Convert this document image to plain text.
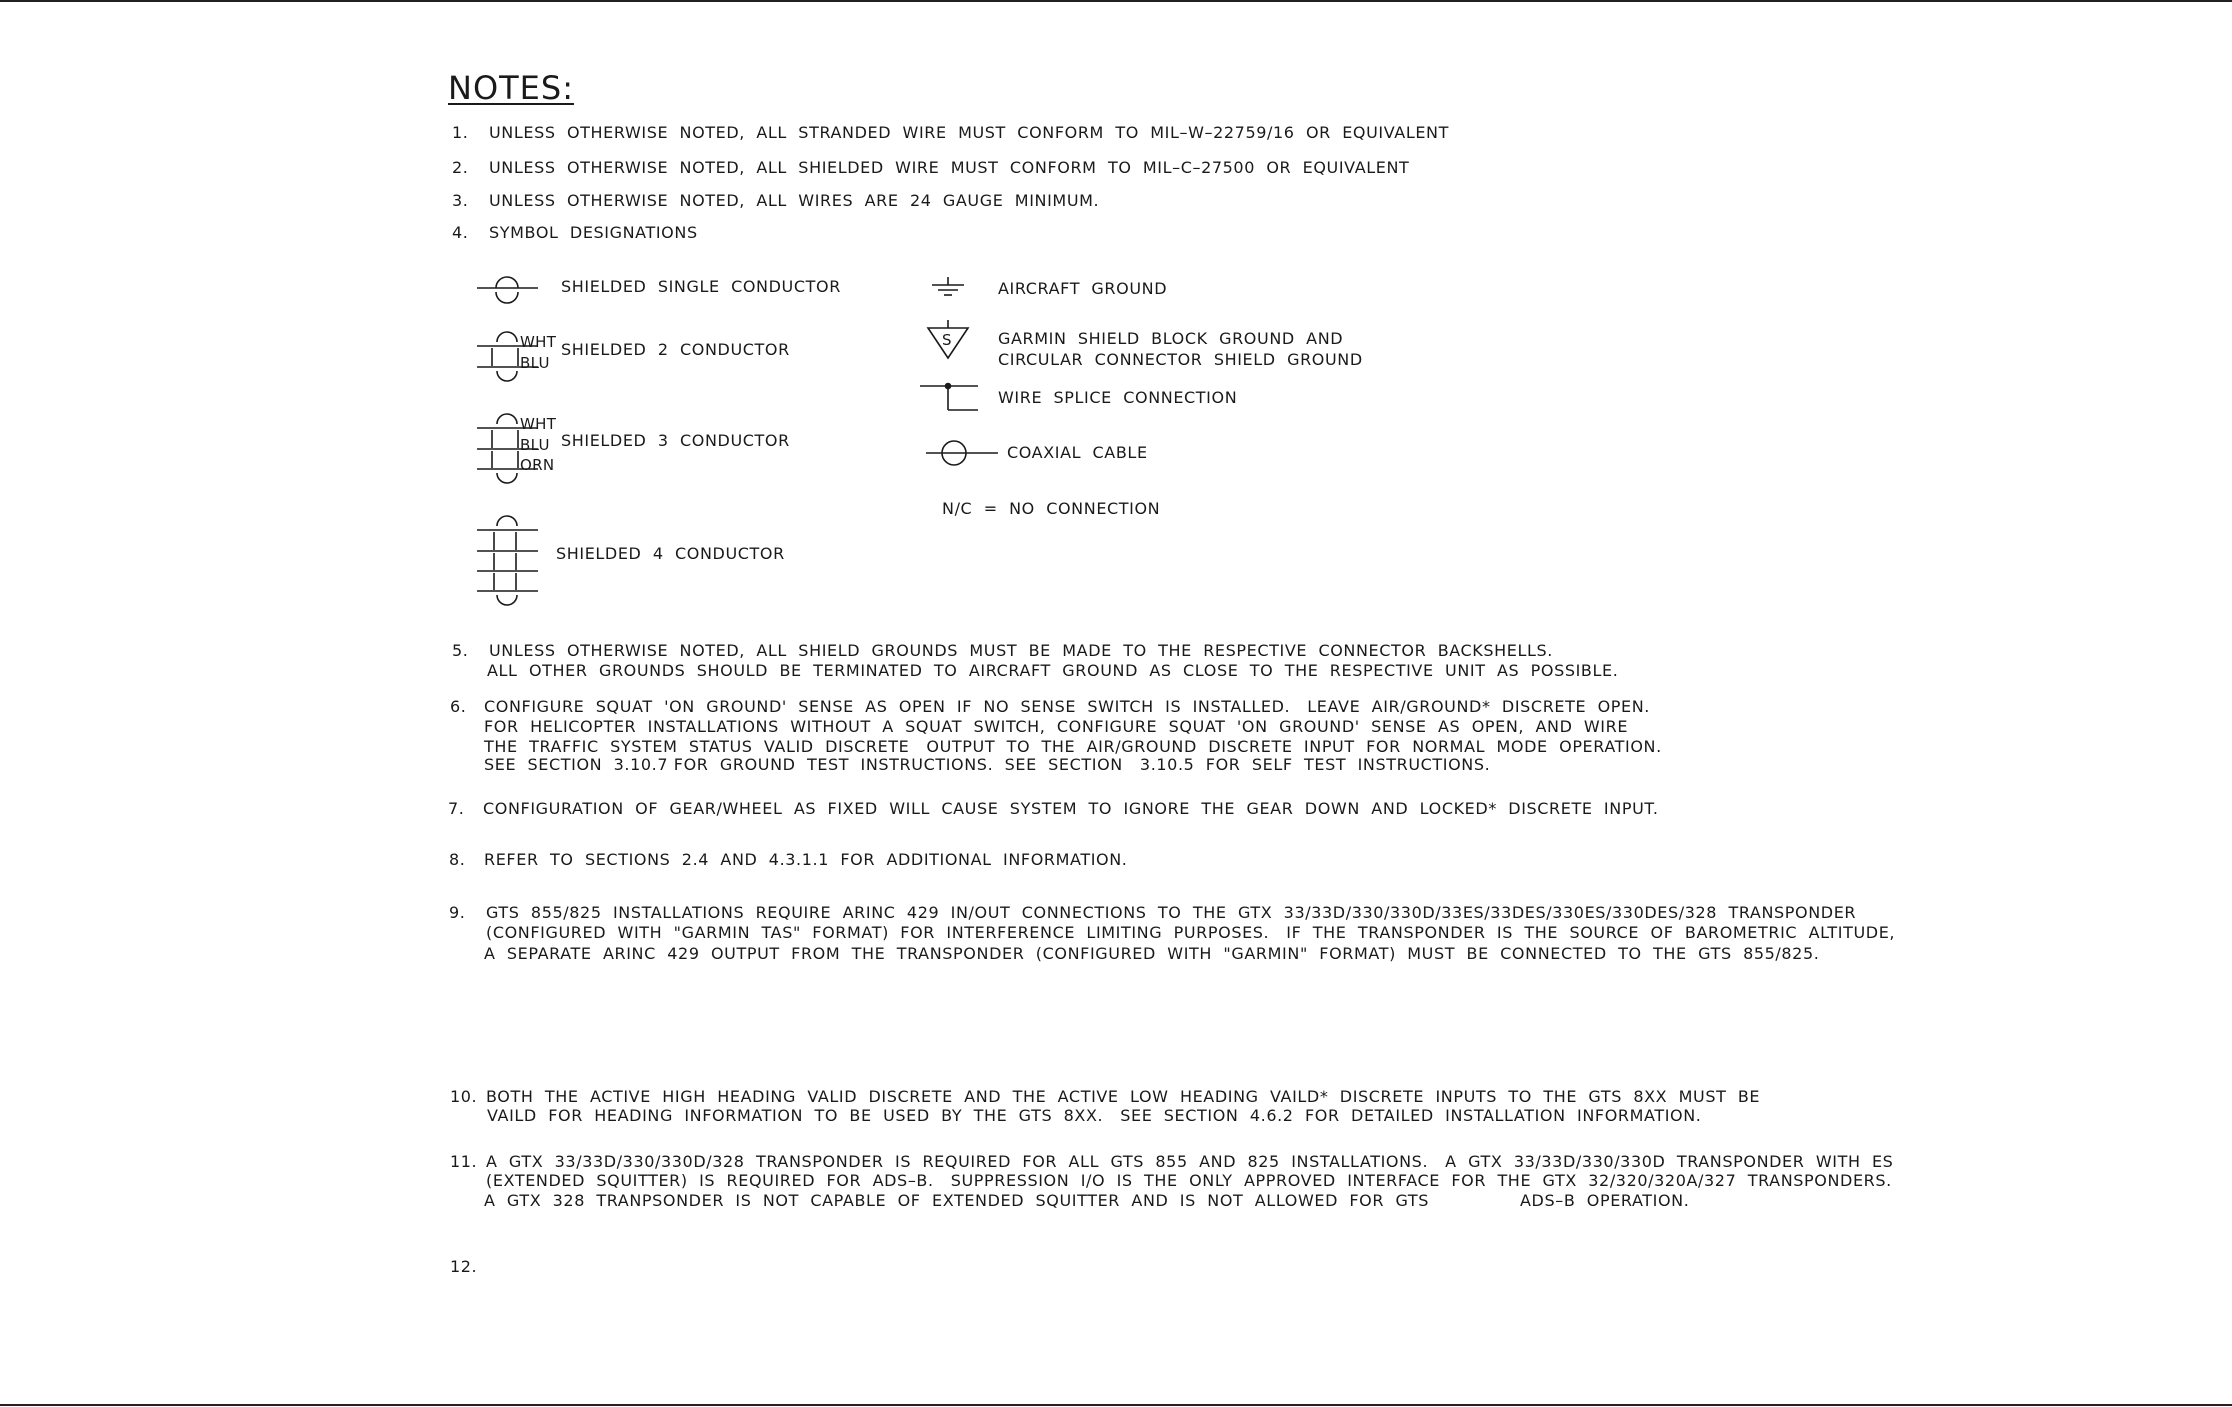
NOTES:
1. UNLESS  OTHERWISE  NOTED,  ALL  STRANDED  WIRE  MUST  CONFORM  TO  MIL–W–22759/16  OR  EQUIVALENT
2. UNLESS  OTHERWISE  NOTED,  ALL  SHIELDED  WIRE  MUST  CONFORM  TO  MIL–C–27500  OR  EQUIVALENT
3. UNLESS  OTHERWISE  NOTED,  ALL  WIRES  ARE  24  GAUGE  MINIMUM.
4. SYMBOL  DESIGNATIONS
SHIELDED  SINGLE  CONDUCTOR
WHT
BLU
SHIELDED  2  CONDUCTOR
WHT
BLU
ORN
SHIELDED  3  CONDUCTOR
SHIELDED  4  CONDUCTOR
AIRCRAFT  GROUND
S	GARMIN  SHIELD  BLOCK  GROUND  AND
CIRCULAR  CONNECTOR  SHIELD  GROUND
WIRE  SPLICE  CONNECTION
COAXIAL  CABLE
N/C  =  NO  CONNECTION
5. UNLESS  OTHERWISE  NOTED,  ALL  SHIELD  GROUNDS  MUST  BE  MADE  TO  THE  RESPECTIVE  CONNECTOR  BACKSHELLS.
ALL  OTHER  GROUNDS  SHOULD  BE  TERMINATED  TO  AIRCRAFT  GROUND  AS  CLOSE  TO  THE  RESPECTIVE  UNIT  AS  POSSIBLE.
6. CONFIGURE  SQUAT  'ON  GROUND'  SENSE  AS  OPEN  IF  NO  SENSE  SWITCH  IS  INSTALLED.   LEAVE  AIR/GROUND*  DISCRETE  OPEN.
FOR  HELICOPTER  INSTALLATIONS  WITHOUT  A  SQUAT  SWITCH,  CONFIGURE  SQUAT  'ON  GROUND'  SENSE  AS  OPEN,  AND  WIRE
THE  TRAFFIC  SYSTEM  STATUS  VALID  DISCRETE   OUTPUT  TO  THE  AIR/GROUND  DISCRETE  INPUT  FOR  NORMAL  MODE  OPERATION.
SEE  SECTION  3.10.7 FOR  GROUND  TEST  INSTRUCTIONS.  SEE  SECTION   3.10.5  FOR  SELF  TEST  INSTRUCTIONS.
7. CONFIGURATION  OF  GEAR/WHEEL  AS  FIXED  WILL  CAUSE  SYSTEM  TO  IGNORE  THE  GEAR  DOWN  AND  LOCKED*  DISCRETE  INPUT.
8. REFER  TO  SECTIONS  2.4  AND  4.3.1.1  FOR  ADDITIONAL  INFORMATION.
9. GTS  855/825  INSTALLATIONS  REQUIRE  ARINC  429  IN/OUT  CONNECTIONS  TO  THE  GTX  33/33D/330/330D/33ES/33DES/330ES/330DES/328  TRANSPONDER
(CONFIGURED  WITH  "GARMIN  TAS"  FORMAT)  FOR  INTERFERENCE  LIMITING  PURPOSES.   IF  THE  TRANSPONDER  IS  THE  SOURCE  OF  BAROMETRIC  ALTITUDE,
A  SEPARATE  ARINC  429  OUTPUT  FROM  THE  TRANSPONDER  (CONFIGURED  WITH  "GARMIN"  FORMAT)  MUST  BE  CONNECTED  TO  THE  GTS  855/825.
10. BOTH  THE  ACTIVE  HIGH  HEADING  VALID  DISCRETE  AND  THE  ACTIVE  LOW  HEADING  VAILD*  DISCRETE  INPUTS  TO  THE  GTS  8XX  MUST  BE
VAILD  FOR  HEADING  INFORMATION  TO  BE  USED  BY  THE  GTS  8XX.   SEE  SECTION  4.6.2  FOR  DETAILED  INSTALLATION  INFORMATION.
11. A  GTX  33/33D/330/330D/328  TRANSPONDER  IS  REQUIRED  FOR  ALL  GTS  855  AND  825  INSTALLATIONS.   A  GTX  33/33D/330/330D  TRANSPONDER  WITH  ES
(EXTENDED  SQUITTER)  IS  REQUIRED  FOR  ADS–B.   SUPPRESSION  I/O  IS  THE  ONLY  APPROVED  INTERFACE  FOR  THE  GTX  32/320/320A/327  TRANSPONDERS.
A  GTX  328  TRANPSONDER  IS  NOT  CAPABLE  OF  EXTENDED  SQUITTER  AND  IS  NOT  ALLOWED  FOR  GTS                ADS–B  OPERATION.
12.
